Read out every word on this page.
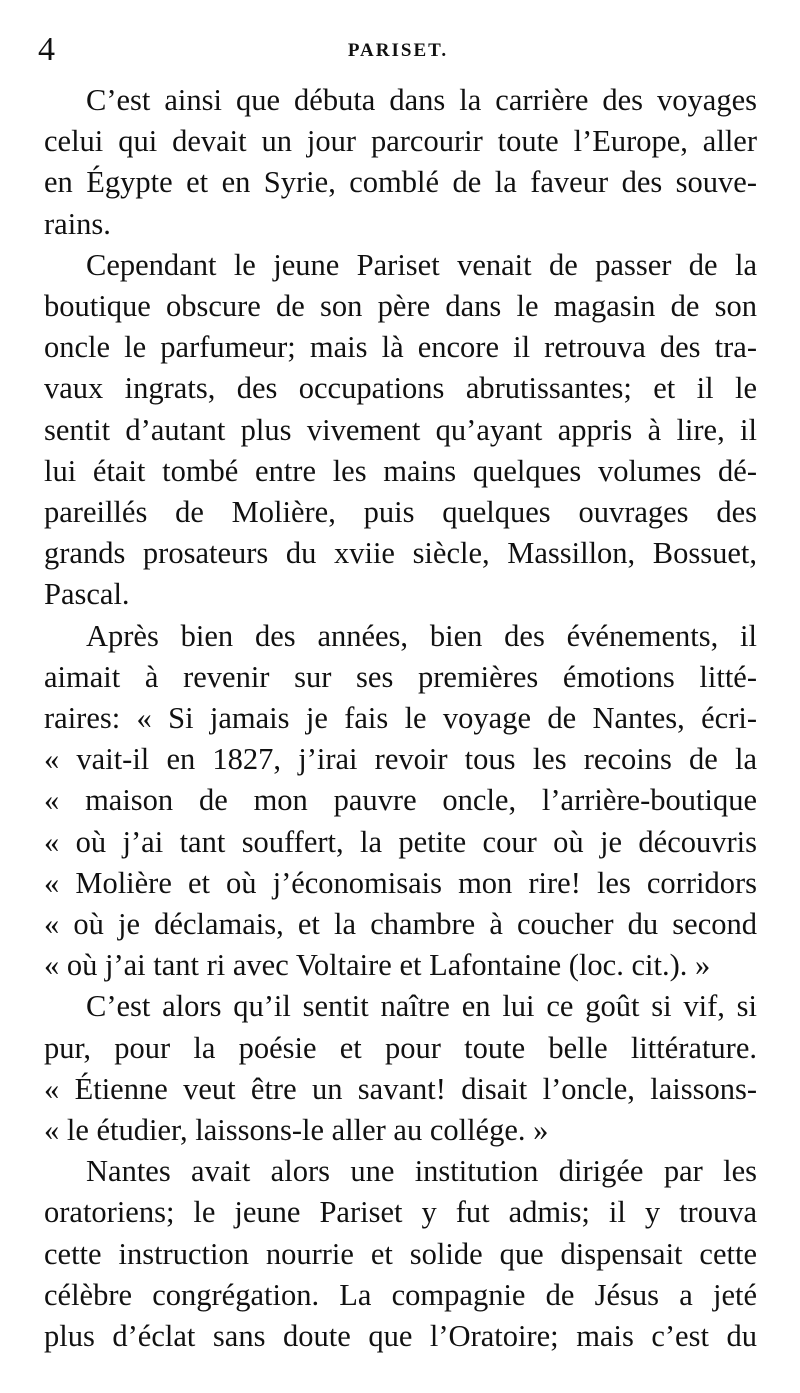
4	PARISET.
C’est ainsi que débuta dans la carrière des voyages
celui qui devait un jour parcourir toute l’Europe, aller
en Égypte et en Syrie, comblé de la faveur des souve-
rains.
Cependant le jeune Pariset venait de passer de la
boutique obscure de son père dans le magasin de son
oncle le parfumeur; mais là encore il retrouva des tra-
vaux ingrats, des occupations abrutissantes; et il le
sentit d’autant plus vivement qu’ayant appris à lire, il
lui était tombé entre les mains quelques volumes dé-
pareillés de Molière, puis quelques ouvrages des
grands prosateurs du xviie siècle, Massillon, Bossuet,
Pascal.
Après bien des années, bien des événements, il
aimait à revenir sur ses premières émotions litté-
raires: « Si jamais je fais le voyage de Nantes, écri-
« vait-il en 1827, j’irai revoir tous les recoins de la
« maison de mon pauvre oncle, l’arrière-boutique
« où j’ai tant souffert, la petite cour où je découvris
« Molière et où j’économisais mon rire! les corridors
« où je déclamais, et la chambre à coucher du second
« où j’ai tant ri avec Voltaire et Lafontaine (loc. cit.). »
C’est alors qu’il sentit naître en lui ce goût si vif, si
pur, pour la poésie et pour toute belle littérature.
« Étienne veut être un savant! disait l’oncle, laissons-
« le étudier, laissons-le aller au collége. »
Nantes avait alors une institution dirigée par les
oratoriens; le jeune Pariset y fut admis; il y trouva
cette instruction nourrie et solide que dispensait cette
célèbre congrégation. La compagnie de Jésus a jeté
plus d’éclat sans doute que l’Oratoire; mais c’est du
